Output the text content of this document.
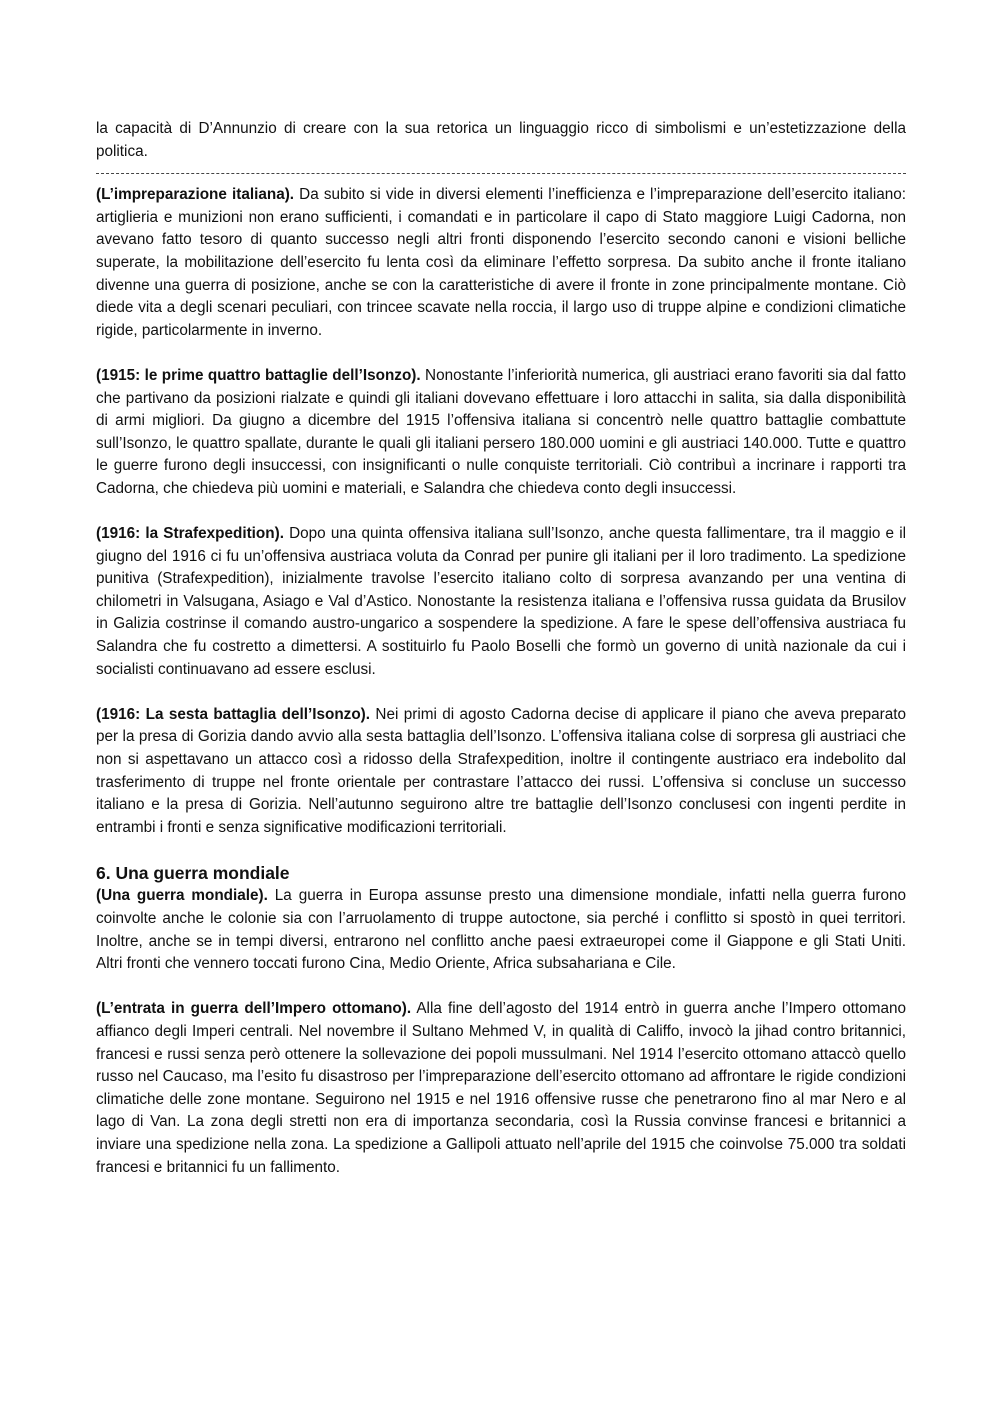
la capacità di D’Annunzio di creare con la sua retorica un linguaggio ricco di simbolismi e un’estetizzazione della politica.

(L’impreparazione italiana). Da subito si vide in diversi elementi l’inefficienza e l’impreparazione dell’esercito italiano: artiglieria e munizioni non erano sufficienti, i comandati e in particolare il capo di Stato maggiore Luigi Cadorna, non avevano fatto tesoro di quanto successo negli altri fronti disponendo l’esercito secondo canoni e visioni belliche superate, la mobilitazione dell’esercito fu lenta così da eliminare l’effetto sorpresa. Da subito anche il fronte italiano divenne una guerra di posizione, anche se con la caratteristiche di avere il fronte in zone principalmente montane. Ciò diede vita a degli scenari peculiari, con trincee scavate nella roccia, il largo uso di truppe alpine e condizioni climatiche rigide, particolarmente in inverno.

(1915: le prime quattro battaglie dell’Isonzo). Nonostante l’inferiorità numerica, gli austriaci erano favoriti sia dal fatto che partivano da posizioni rialzate e quindi gli italiani dovevano effettuare i loro attacchi in salita, sia dalla disponibilità di armi migliori. Da giugno a dicembre del 1915 l’offensiva italiana si concentrò nelle quattro battaglie combattute sull’Isonzo, le quattro spallate, durante le quali gli italiani persero 180.000 uomini e gli austriaci 140.000. Tutte e quattro le guerre furono degli insuccessi, con insignificanti o nulle conquiste territoriali. Ciò contribuì a incrinare i rapporti tra Cadorna, che chiedeva più uomini e materiali, e Salandra che chiedeva conto degli insuccessi.

(1916: la Strafexpedition). Dopo una quinta offensiva italiana sull’Isonzo, anche questa fallimentare, tra il maggio e il giugno del 1916 ci fu un’offensiva austriaca voluta da Conrad per punire gli italiani per il loro tradimento. La spedizione punitiva (Strafexpedition), inizialmente travolse l’esercito italiano colto di sorpresa avanzando per una ventina di chilometri in Valsugana, Asiago e Val d’Astico. Nonostante la resistenza italiana e l’offensiva russa guidata da Brusilov in Galizia costrinse il comando austro-ungarico a sospendere la spedizione. A fare le spese dell’offensiva austriaca fu Salandra che fu costretto a dimettersi. A sostituirlo fu Paolo Boselli che formò un governo di unità nazionale da cui i socialisti continuavano ad essere esclusi.

(1916: La sesta battaglia dell’Isonzo). Nei primi di agosto Cadorna decise di applicare il piano che aveva preparato per la presa di Gorizia dando avvio alla sesta battaglia dell’Isonzo. L’offensiva italiana colse di sorpresa gli austriaci che non si aspettavano un attacco così a ridosso della Strafexpedition, inoltre il contingente austriaco era indebolito dal trasferimento di truppe nel fronte orientale per contrastare l’attacco dei russi. L’offensiva si concluse un successo italiano e la presa di Gorizia. Nell’autunno seguirono altre tre battaglie dell’Isonzo conclusesi con ingenti perdite in entrambi i fronti e senza significative modificazioni territoriali.

6. Una guerra mondiale

(Una guerra mondiale). La guerra in Europa assunse presto una dimensione mondiale, infatti nella guerra furono coinvolte anche le colonie sia con l’arruolamento di truppe autoctone, sia perché i conflitto si spostò in quei territori. Inoltre, anche se in tempi diversi, entrarono nel conflitto anche paesi extraeuropei come il Giappone e gli Stati Uniti. Altri fronti che vennero toccati furono Cina, Medio Oriente, Africa subsahariana e Cile.

(L’entrata in guerra dell’Impero ottomano). Alla fine dell’agosto del 1914 entrò in guerra anche l’Impero ottomano affianco degli Imperi centrali. Nel novembre il Sultano Mehmed V, in qualità di Califfo, invocò la jihad contro britannici, francesi e russi senza però ottenere la sollevazione dei popoli mussulmani. Nel 1914 l’esercito ottomano attaccò quello russo nel Caucaso, ma l’esito fu disastroso per l’impreparazione dell’esercito ottomano ad affrontare le rigide condizioni climatiche delle zone montane. Seguirono nel 1915 e nel 1916 offensive russe che penetrarono fino al mar Nero e al lago di Van. La zona degli stretti non era di importanza secondaria, così la Russia convinse francesi e britannici a inviare una spedizione nella zona. La spedizione a Gallipoli attuato nell’aprile del 1915 che coinvolse 75.000 tra soldati francesi e britannici fu un fallimento.
